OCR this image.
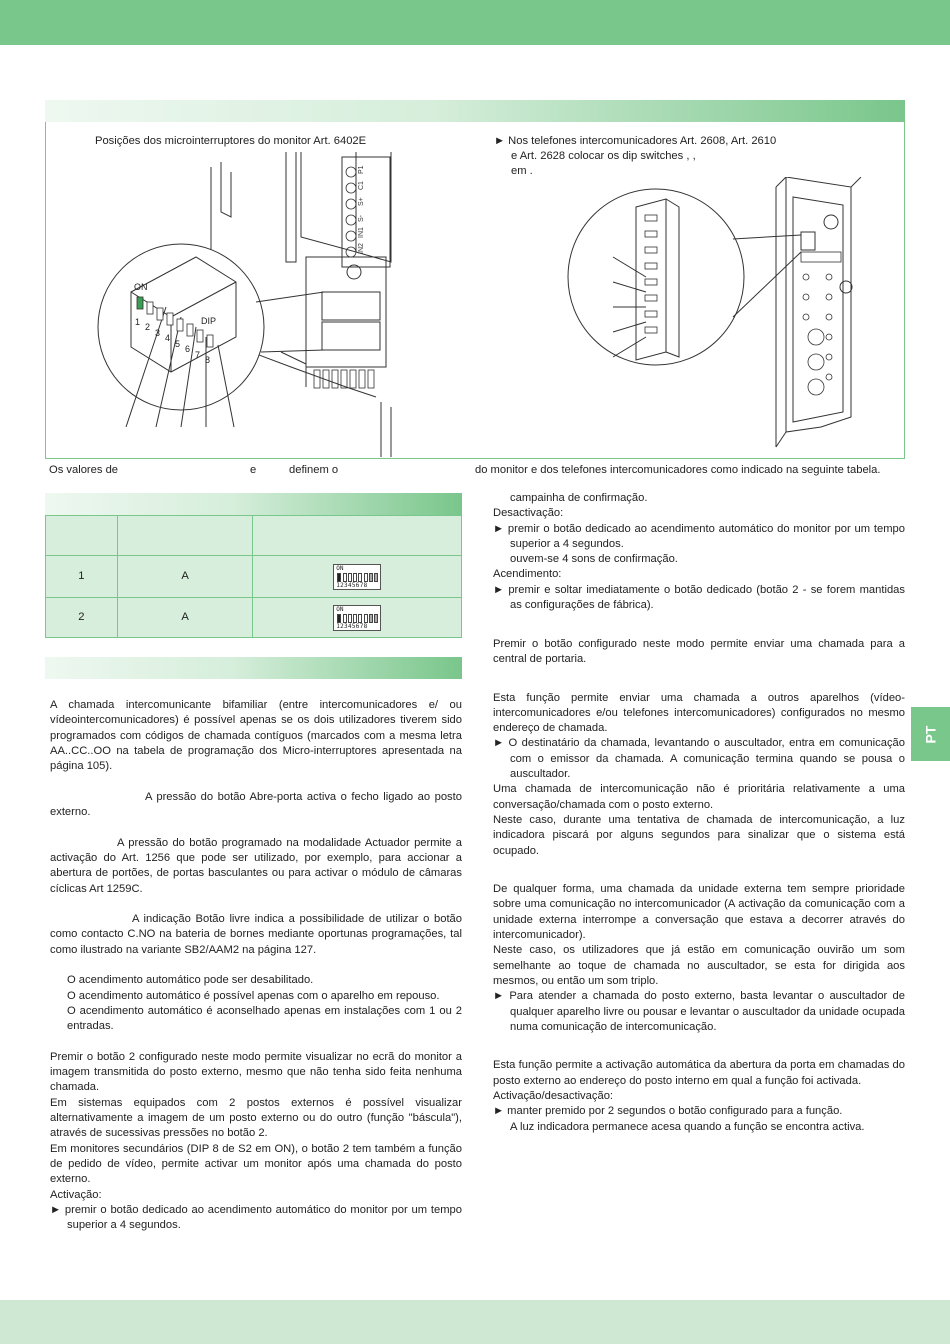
Posições dos microinterruptores do monitor Art. 6402E	► Nos telefones intercomunicadores Art. 2608, Art. 2610
e Art. 2628 colocar os dip switches , ,
em .
ON
DIP
1 2
3 4
5 6
7 8
P1
C1
S+
S-
IN1
IN2
Os valores de	e	definem o	do monitor e dos telefones intercomunicadores como indicado na seguinte tabela.

1	A	ON
12345678

2	A	ON
12345678

A chamada intercomunicante bifamiliar (entre intercomunicadores e/ ou vídeointercomunicadores) é possível apenas se os dois utilizadores tiverem sido programados com códigos de chamada contíguos (marcados com a mesma letra AA..CC..OO na tabela de programação dos Micro-interruptores apresentada na página 105).

A pressão do botão Abre-porta activa o fecho ligado ao posto externo.

A pressão do botão programado na modalidade Actuador permite a activação do Art. 1256 que pode ser utilizado, por exemplo, para accionar a abertura de portões, de portas basculantes ou para activar o módulo de câmaras cíclicas Art 1259C.

A indicação Botão livre indica a possibilidade de utilizar o botão como contacto C.NO na bateria de bornes mediante oportunas programações, tal como ilustrado na variante SB2/AAM2 na página 127.

O acendimento automático pode ser desabilitado.

O acendimento automático é possível apenas com o aparelho em repouso.

O acendimento automático é aconselhado apenas em instalações com 1 ou 2 entradas.

Premir o botão 2 configurado neste modo permite visualizar no ecrã do monitor a imagem transmitida do posto externo, mesmo que não tenha sido feita nenhuma chamada.

Em sistemas equipados com 2 postos externos é possível visualizar alternativamente a imagem de um posto externo ou do outro (função "báscula"), através de sucessivas pressões no botão 2.

Em monitores secundários (DIP 8 de S2 em ON), o botão 2 tem também a função de pedido de vídeo, permite activar um monitor após uma chamada do posto externo.

Activação:

► premir o botão dedicado ao acendimento automático do monitor por um tempo superior a 4 segundos.

campainha de confirmação.

Desactivação:

► premir o botão dedicado ao acendimento automático do monitor por um tempo superior a 4 segundos.

ouvem-se 4 sons de confirmação.

Acendimento:

► premir e soltar imediatamente o botão dedicado (botão 2 - se forem mantidas as configurações de fábrica).

Premir o botão configurado neste modo permite enviar uma chamada para a central de portaria.

Esta função permite enviar uma chamada a outros aparelhos (vídeo-intercomunicadores e/ou telefones intercomunicadores) configurados no mesmo endereço de chamada.

► O destinatário da chamada, levantando o auscultador, entra em comunicação com o emissor da chamada. A comunicação termina quando se pousa o auscultador.

Uma chamada de intercomunicação não é prioritária relativamente a uma conversação/chamada com o posto externo.

Neste caso, durante uma tentativa de chamada de intercomunicação, a luz indicadora piscará por alguns segundos para sinalizar que o sistema está ocupado.

De qualquer forma, uma chamada da unidade externa tem sempre prioridade sobre uma comunicação no intercomunicador (A activação da comunicação com a unidade externa interrompe a conversação que estava a decorrer através do intercomunicador).

Neste caso, os utilizadores que já estão em comunicação ouvirão um som semelhante ao toque de chamada no auscultador, se esta for dirigida aos mesmos, ou então um som triplo.

► Para atender a chamada do posto externo, basta levantar o auscultador de qualquer aparelho livre ou pousar e levantar o auscultador da unidade ocupada numa comunicação de intercomunicação.

Esta função permite a activação automática da abertura da porta em chamadas do posto externo ao endereço do posto interno em qual a função foi activada.

Activação/desactivação:

► manter premido por 2 segundos o botão configurado para a função.

A luz indicadora permanece acesa quando a função se encontra activa.

PT
